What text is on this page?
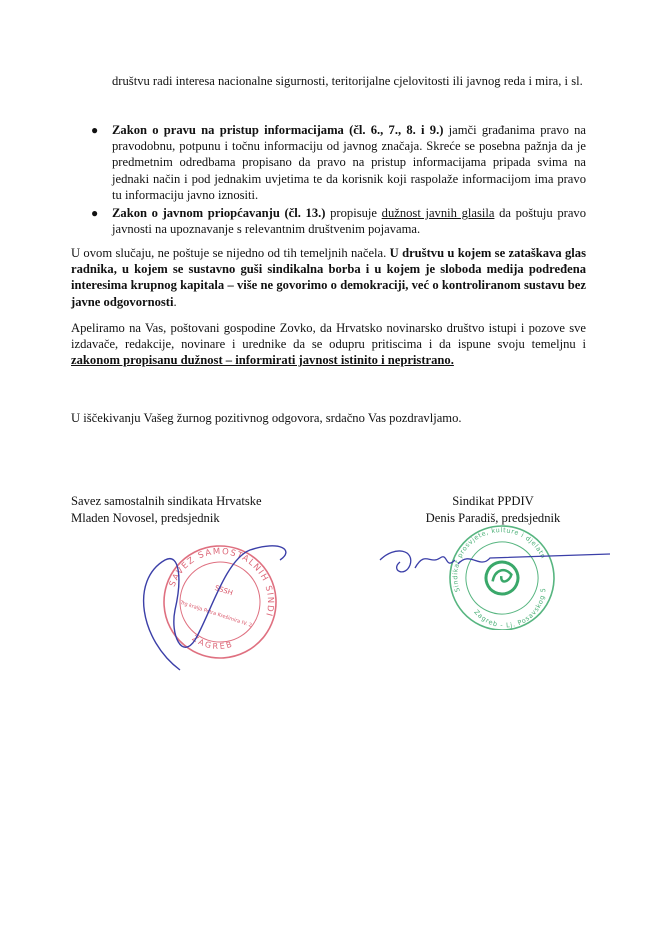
društvu radi interesa nacionalne sigurnosti, teritorijalne cjelovitosti ili javnog reda i mira, i sl.
● Zakon o pravu na pristup informacijama (čl. 6., 7., 8. i 9.) jamči građanima pravo na pravodobnu, potpunu i točnu informaciju od javnog značaja. Skreće se posebna pažnja da je predmetnim odredbama propisano da pravo na pristup informacijama pripada svima na jednaki način i pod jednakim uvjetima te da korisnik koji raspolaže informacijom ima pravo tu informaciju javno iznositi.
● Zakon o javnom priopćavanju (čl. 13.) propisuje dužnost javnih glasila da poštuju pravo javnosti na upoznavanje s relevantnim društvenim pojavama.
U ovom slučaju, ne poštuje se nijedno od tih temeljnih načela. U društvu u kojem se zataškava glas radnika, u kojem se sustavno guši sindikalna borba i u kojem je sloboda medija podređena interesima krupnog kapitala – više ne govorimo o demokraciji, već o kontroliranom sustavu bez javne odgovornosti.
Apeliramo na Vas, poštovani gospodine Zovko, da Hrvatsko novinarsko društvo istupi i pozove sve izdavače, redakcije, novinare i urednike da se odupru pritiscima i da ispune svoju temeljnu i zakonom propisanu dužnost – informirati javnost istinito i nepristrano.
U iščekivanju Vašeg žurnog pozitivnog odgovora, srdačno Vas pozdravljamo.
Savez samostalnih sindikata Hrvatske
Mladen Novosel, predsjednik
Sindikat PPDIV
Denis Paradiš, predsjednik
SAVEZ SAMOSTALNIH SINDIKATA
ZAGREB
SSSH
Trg kralja Petra Krešimira IV. 2
Sindikat prosvjete, kulture i djelatnosti
Zagreb - Lj. Posavskog 5
